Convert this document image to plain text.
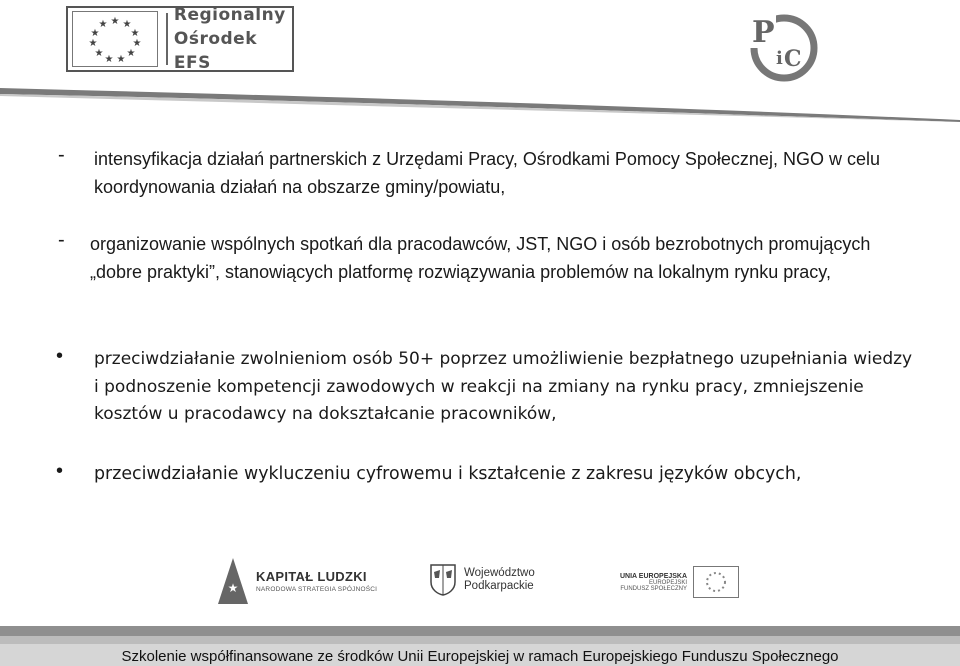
★ ★
★
★
★
★
★
★
★
★
★	Regionalny
Ośrodek EFS
P
i C
- intensyfikacja działań partnerskich z Urzędami Pracy, Ośrodkami Pomocy Społecznej, NGO w celu koordynowania działań na obszarze gminy/powiatu,
- organizowanie wspólnych spotkań dla pracodawców, JST, NGO i osób bezrobotnych promujących „dobre praktyki”, stanowiących platformę rozwiązywania problemów na lokalnym rynku pracy,
• przeciwdziałanie zwolnieniom osób 50+ poprzez umożliwienie bezpłatnego uzupełniania wiedzy i podnoszenie kompetencji zawodowych w reakcji na zmiany na rynku pracy, zmniejszenie kosztów u pracodawcy na dokształcanie pracowników,
• przeciwdziałanie wykluczeniu cyfrowemu i kształcenie z zakresu języków obcych,
★
KAPITAŁ LUDZKI
NARODOWA STRATEGIA SPÓJNOŚCI
Województwo
Podkarpackie
UNIA EUROPEJSKA
EUROPEJSKI
FUNDUSZ SPOŁECZNY
Szkolenie współfinansowane ze środków Unii Europejskiej w ramach Europejskiego Funduszu Społecznego
